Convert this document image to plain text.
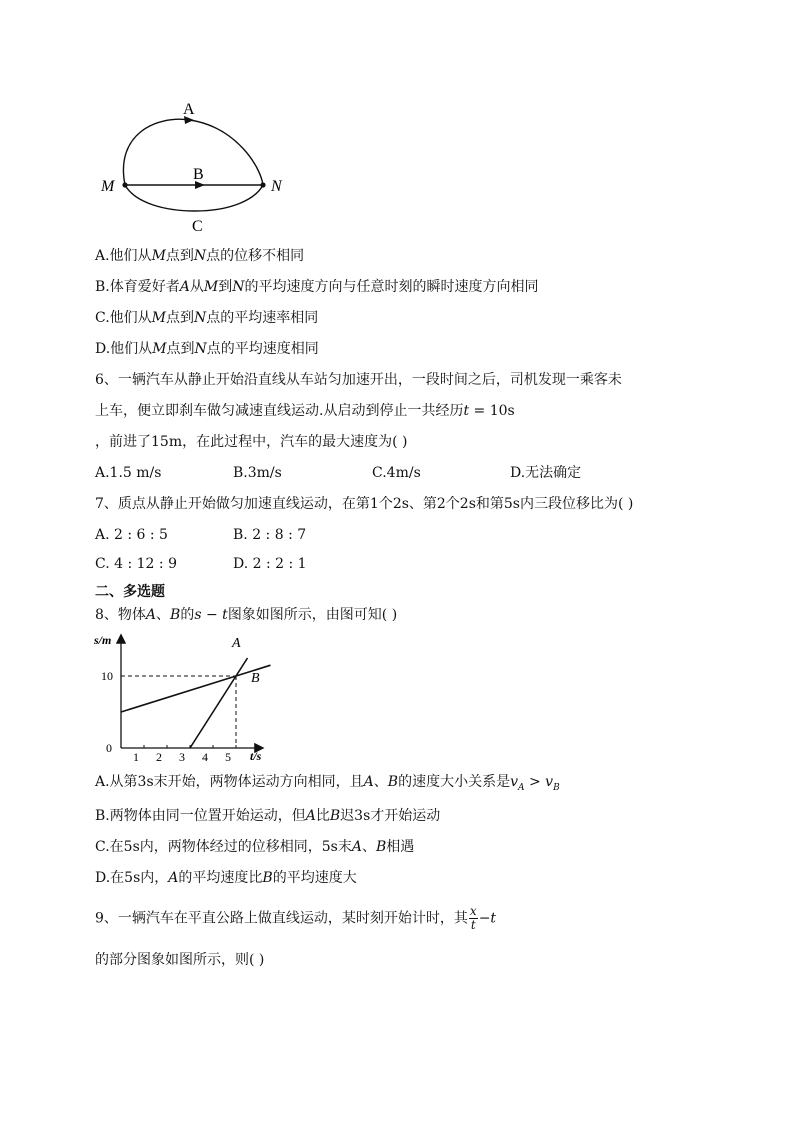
A
B
C
M	N
A.他们从M点到N点的位移不相同
B.体育爱好者A从M到N的平均速度方向与任意时刻的瞬时速度方向相同
C.他们从M点到N点的平均速率相同
D.他们从M点到N点的平均速度相同
6、一辆汽车从静止开始沿直线从车站匀加速开出，一段时间之后，司机发现一乘客未
上车，便立即刹车做匀减速直线运动.从启动到停止一共经历t = 10s
，前进了15m，在此过程中，汽车的最大速度为( )
A.1.5 m/s	B.3m/s	C.4m/s	D.无法确定
7、质点从静止开始做匀加速直线运动，在第1个2s、第2个2s和第5s内三段位移比为( )
A. 2 : 6 : 5	B. 2 : 8 : 7
C. 4 : 12 : 9	D. 2 : 2 : 1
二、多选题
8、物体A、B的s − t图象如图所示，由图可知( )
s/m
t/s
A
B
10
0
1 2 3 4 5
A.从第3s末开始，两物体运动方向相同，且A、B的速度大小关系是$v_A > v_B$
B.两物体由同一位置开始运动，但A比B迟3s才开始运动
C.在5s内，两物体经过的位移相同，5s末A、B相遇
D.在5s内，A的平均速度比B的平均速度大
9、一辆汽车在平直公路上做直线运动，某时刻开始计时，其 $\frac{x}{t} -t$
的部分图象如图所示，则( )
